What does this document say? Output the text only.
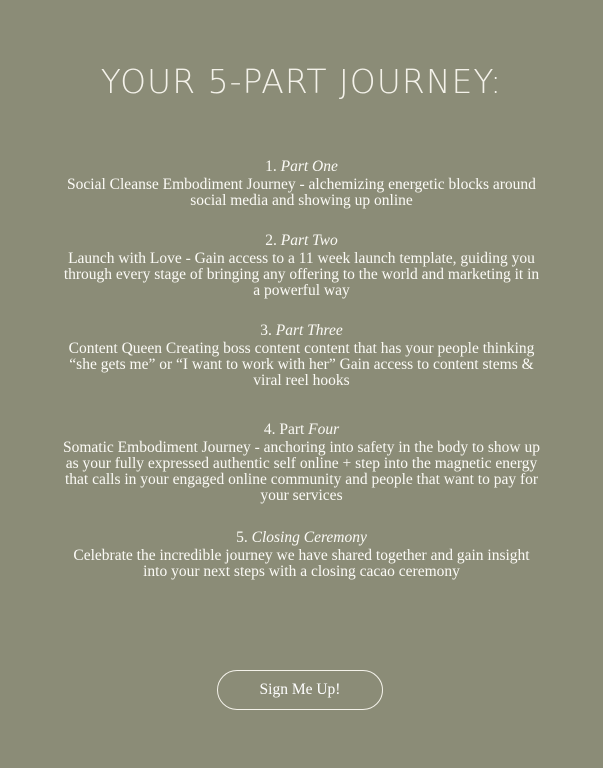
YOUR 5-PART JOURNEY:
1. Part One
Social Cleanse Embodiment Journey - alchemizing energetic blocks around social media and showing up online
2. Part Two
Launch with Love - Gain access to a 11 week launch template, guiding you through every stage of bringing any offering to the world and marketing it in a powerful way
3. Part Three
Content Queen Creating boss content content that has your people thinking “she gets me” or “I want to work with her” Gain access to content stems & viral reel hooks
4. Part Four
Somatic Embodiment Journey - anchoring into safety in the body to show up as your fully expressed authentic self online + step into the magnetic energy that calls in your engaged online community and people that want to pay for your services
5. Closing Ceremony
Celebrate the incredible journey we have shared together and gain insight into your next steps with a closing cacao ceremony
Sign Me Up!
